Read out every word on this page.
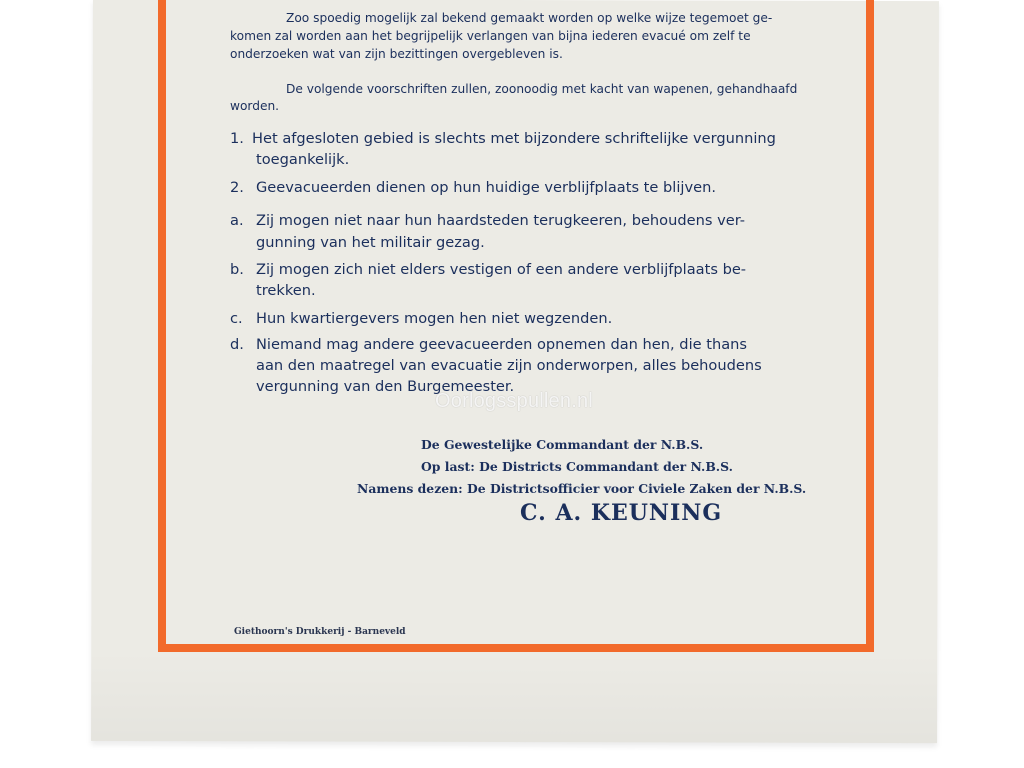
Zoo spoedig mogelijk zal bekend gemaakt worden op welke wijze tegemoet ge-

komen zal worden aan het begrijpelijk verlangen van bijna iederen evacué om zelf te

onderzoeken wat van zijn bezittingen overgebleven is.

De volgende voorschriften zullen, zoonoodig met kacht van wapenen, gehandhaafd

worden.

1. Het afgesloten gebied is slechts met bijzondere schriftelijke vergunning
toegankelijk.
2. Geevacueerden dienen op hun huidige verblijfplaats te blijven.
a. Zij mogen niet naar hun haardsteden terugkeeren, behoudens ver-
gunning van het militair gezag.
b. Zij mogen zich niet elders vestigen of een andere verblijfplaats be-
trekken.
c. Hun kwartiergevers mogen hen niet wegzenden.
d. Niemand mag andere geevacueerden opnemen dan hen, die thans
aan den maatregel van evacuatie zijn onderworpen, alles behoudens
vergunning van den Burgemeester.
Oorlogsspullen.nl

De Gewestelijke Commandant der N.B.S.

Op last: De Districts Commandant der N.B.S.

Namens dezen: De Districtsofficier voor Civiele Zaken der N.B.S.

C. A. KEUNING
Giethoorn's Drukkerij - Barneveld
